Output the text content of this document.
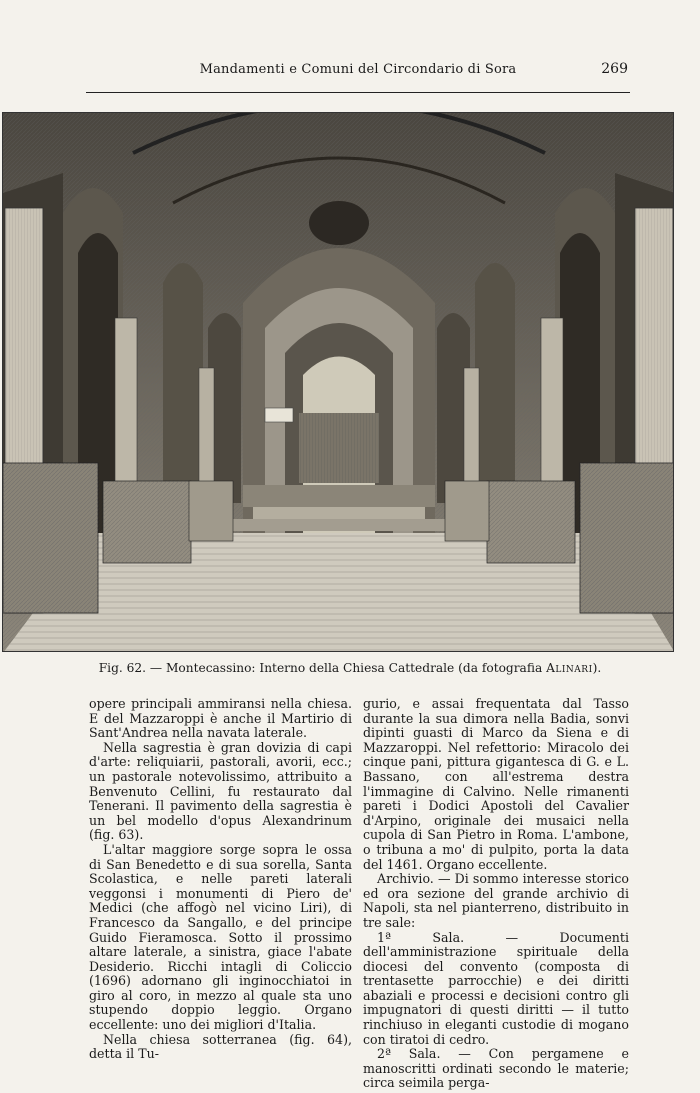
Mandamenti e Comuni del Circondario di Sora	269
Fig. 62. — Montecassino: Interno della Chiesa Cattedrale (da fotografia Alinari).

opere principali ammiransi nella chiesa. E del Mazzaroppi è anche il Martirio di Sant'Andrea nella navata laterale.

Nella sagrestia è gran dovizia di capi d'arte: reliquiarii, pastorali, avorii, ecc.; un pastorale notevolissimo, attribuito a Benvenuto Cellini, fu restaurato dal Tenerani. Il pavimento della sagrestia è un bel modello d'opus Alexandrinum (fig. 63).

L'altar maggiore sorge sopra le ossa di San Benedetto e di sua sorella, Santa Scolastica, e nelle pareti laterali veggonsi i monumenti di Piero de' Medici (che affogò nel vicino Liri), di Francesco da Sangallo, e del principe Guido Fieramosca. Sotto il prossimo altare laterale, a sinistra, giace l'abate Desiderio. Ricchi intagli di Coliccio (1696) adornano gli inginocchiatoi in giro al coro, in mezzo al quale sta uno stupendo doppio leggio. Organo eccellente: uno dei migliori d'Italia.

Nella chiesa sotterranea (fig. 64), detta il Tu-

gurio, e assai frequentata dal Tasso durante la sua dimora nella Badia, sonvi dipinti guasti di Marco da Siena e di Mazzaroppi. Nel refettorio: Miracolo dei cinque pani, pittura gigantesca di G. e L. Bassano, con all'estrema destra l'immagine di Calvino. Nelle rimanenti pareti i Dodici Apostoli del Cavalier d'Arpino, originale dei musaici nella cupola di San Pietro in Roma. L'ambone, o tribuna a mo' di pulpito, porta la data del 1461. Organo eccellente.

Archivio. — Di sommo interesse storico ed ora sezione del grande archivio di Napoli, sta nel pianterreno, distribuito in tre sale:

1ª Sala. — Documenti dell'amministrazione spirituale della diocesi del convento (composta di trentasette parrocchie) e dei diritti abaziali e processi e decisioni contro gli impugnatori di questi diritti — il tutto rinchiuso in eleganti custodie di mogano con tiratoi di cedro.

2ª Sala. — Con pergamene e manoscritti ordinati secondo le materie; circa seimila perga-
